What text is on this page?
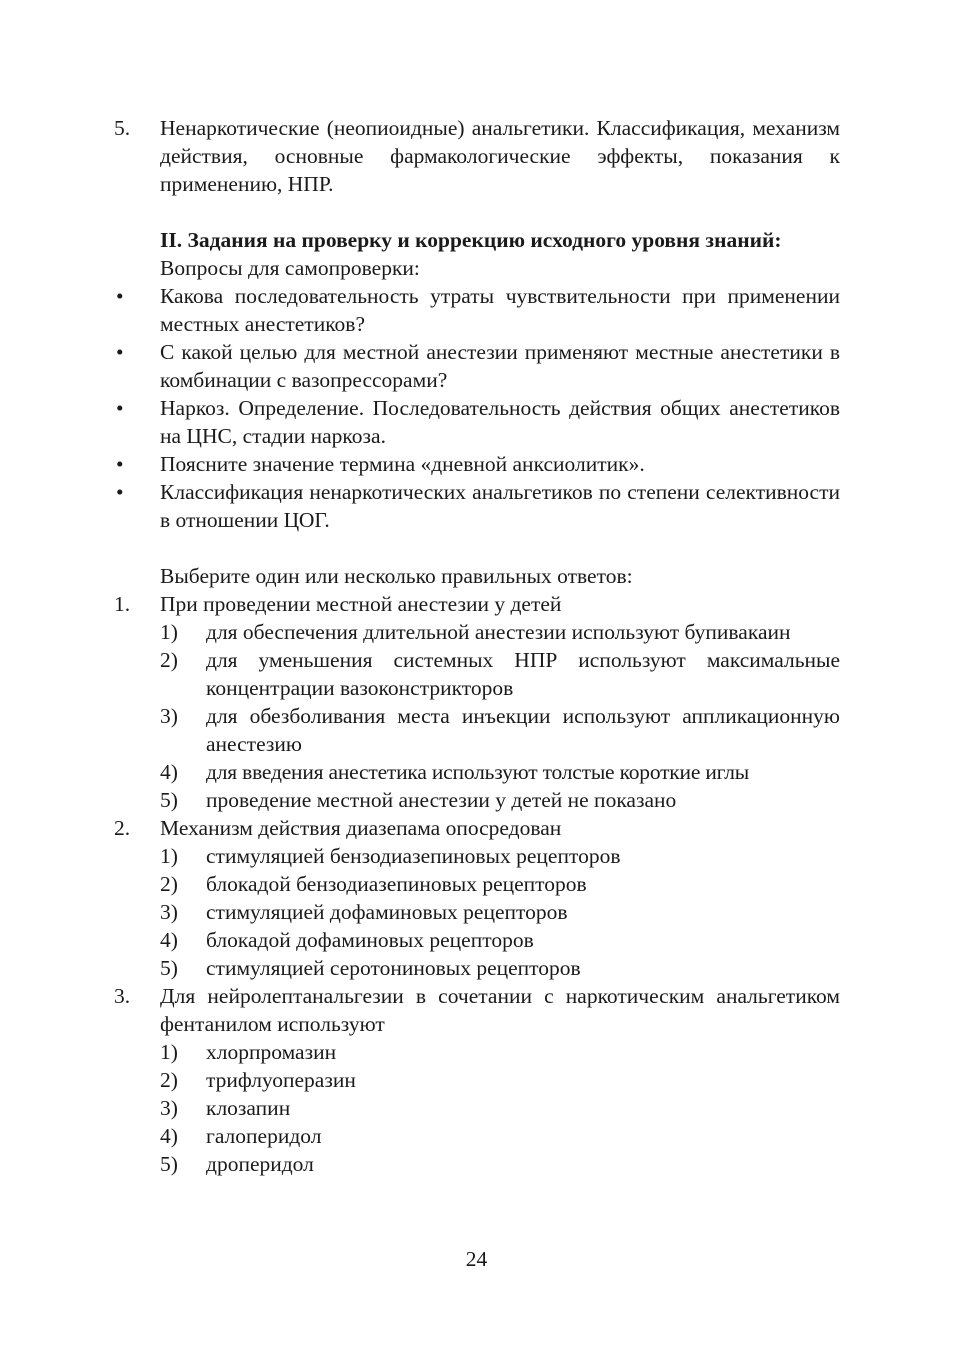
5. Ненаркотические (неопиоидные) анальгетики. Классификация, механизм действия, основные фармакологические эффекты, показания к применению, НПР.
II. Задания на проверку и коррекцию исходного уровня знаний:
Вопросы для самопроверки:
• Какова последовательность утраты чувствительности при применении местных анестетиков?
• С какой целью для местной анестезии применяют местные анестетики в комбинации с вазопрессорами?
• Наркоз. Определение. Последовательность действия общих анестетиков на ЦНС, стадии наркоза.
• Поясните значение термина «дневной анксиолитик».
• Классификация ненаркотических анальгетиков по степени селективности в отношении ЦОГ.
Выберите один или несколько правильных ответов:
1. При проведении местной анестезии у детей
1) для обеспечения длительной анестезии используют бупивакаин
2) для уменьшения системных НПР используют максимальные концентрации вазоконстрикторов
3) для обезболивания места инъекции используют аппликационную анестезию
4) для введения анестетика используют толстые короткие иглы
5) проведение местной анестезии у детей не показано
2. Механизм действия диазепама опосредован
1) стимуляцией бензодиазепиновых рецепторов
2) блокадой бензодиазепиновых рецепторов
3) стимуляцией дофаминовых рецепторов
4) блокадой дофаминовых рецепторов
5) стимуляцией серотониновых рецепторов
3. Для нейролептанальгезии в сочетании с наркотическим анальгетиком фентанилом используют
1) хлорпромазин
2) трифлуоперазин
3) клозапин
4) галоперидол
5) дроперидол
24
